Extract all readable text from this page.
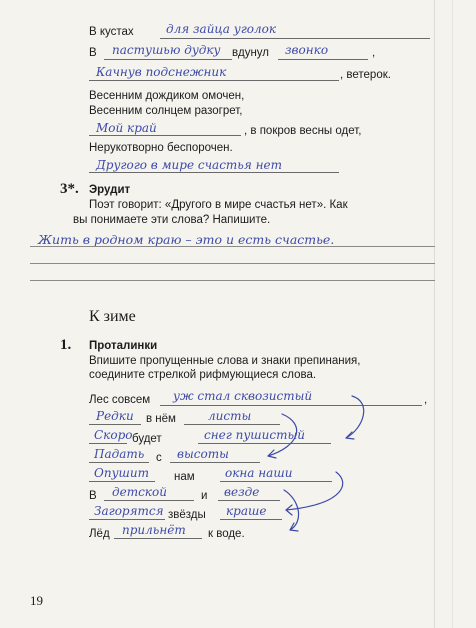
В кустах	для зайца уголок
В пастушью дудку вдунул звонко	,
Качнув подснежник	, ветерок.
Весенним дождиком омочен,
Весенним солнцем разогрет,
Мой край	, в покров весны одет,
Нерукотворно беспорочен.
Другого в мире счастья нет
3*. Эрудит
Поэт говорит: «Другого в мире счастья нет». Как
вы понимаете эти слова? Напишите.
Жить в родном краю – это и есть счастье.
К зиме
1. Проталинки
Впишите пропущенные слова и знаки препинания,
соедините стрелкой рифмующиеся слова.
Лес совсем уж стал сквозистый	,
Редки в нём	листы
Скоро будет	снег пушистый
Падать с высоты
Опушит нам	окна наши
В детской	и везде
Загорятся звёзды краше
Лёд прильнёт к воде.
19
